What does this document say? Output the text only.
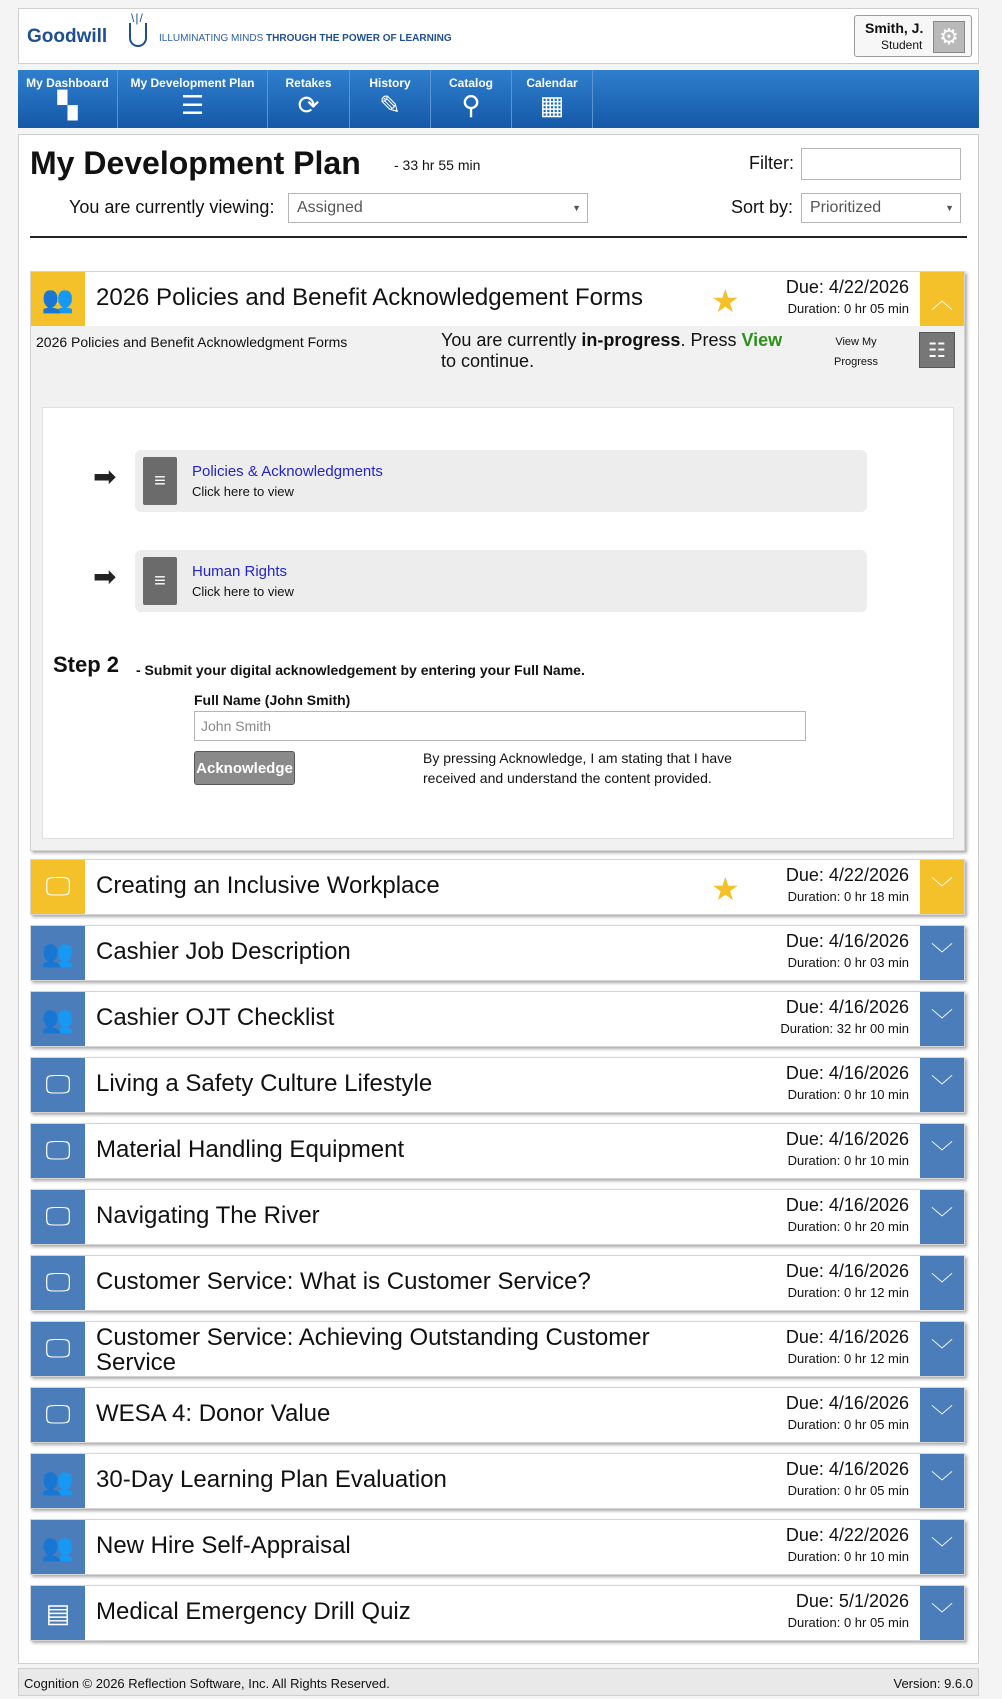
\|/
Goodwill	ILLUMINATING MINDS THROUGH THE POWER OF LEARNING
Smith, J.
Student ⚙
My Dashboard
▚
My Development Plan
☰
Retakes
⟳
History
✎
Catalog
⚲
Calendar
▦
My Development Plan - 33 hr 55 min	Filter:
You are currently viewing:	Assigned	▼	Sort by:	Prioritized	▼
👥 2026 Policies and Benefit Acknowledgement Forms ★	Due: 4/22/2026
Duration: 0 hr 05 min ︿
2026 Policies and Benefit Acknowledgment Forms	You are currently in-progress. Press View to continue.
View My
Progress
☷
➡	≡	Policies & Acknowledgments
Click here to view
➡	≡	Human Rights
Click here to view
Step 2 - Submit your digital acknowledgement by entering your Full Name.
Full Name (John Smith)
John Smith
Acknowledge
By pressing Acknowledge, I am stating that I have received and understand the content provided.
🖵	Creating an Inclusive Workplace	★	Due: 4/22/2026
Duration: 0 hr 18 min ﹀
👥 Cashier Job Description	Due: 4/16/2026
Duration: 0 hr 03 min ﹀
👥 Cashier OJT Checklist	Due: 4/16/2026
Duration: 32 hr 00 min ﹀
🖵	Living a Safety Culture Lifestyle	Due: 4/16/2026
Duration: 0 hr 10 min ﹀
🖵	Material Handling Equipment	Due: 4/16/2026
Duration: 0 hr 10 min ﹀
🖵	Navigating The River	Due: 4/16/2026
Duration: 0 hr 20 min ﹀
🖵	Customer Service: What is Customer Service?	Due: 4/16/2026
Duration: 0 hr 12 min ﹀
🖵	Customer Service: Achieving Outstanding Customer Service
Due: 4/16/2026
Duration: 0 hr 12 min ﹀
🖵	WESA 4: Donor Value	Due: 4/16/2026
Duration: 0 hr 05 min ﹀
👥 30-Day Learning Plan Evaluation	Due: 4/16/2026
Duration: 0 hr 05 min ﹀
👥 New Hire Self-Appraisal	Due: 4/22/2026
Duration: 0 hr 10 min ﹀
▤	Medical Emergency Drill Quiz	Due: 5/1/2026
Duration: 0 hr 05 min ﹀
Cognition © 2026 Reflection Software, Inc. All Rights Reserved.	Version: 9.6.0
